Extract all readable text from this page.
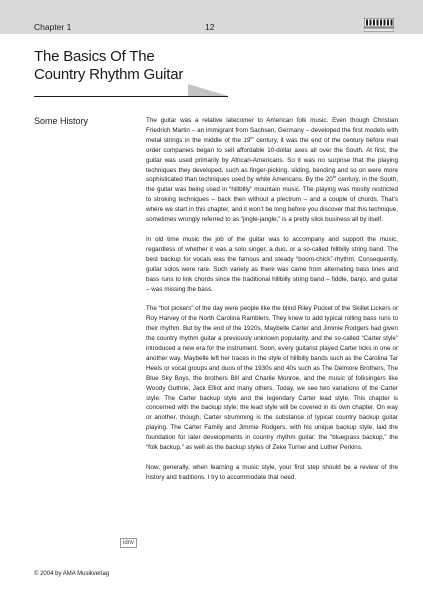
Chapter 1	12
The Basics Of The
Country Rhythm Guitar
Some History	The guitar was a relative latecomer to American folk music. Even though Christian Friedrich Martin – an immigrant from Sachsen, Germany – developed the first models with metal strings in the middle of the 19th century, it was the end of the century before mail order companies began to sell affordable 10-dollar axes all over the South. At first, the guitar was used primarily by African-Americans. So it was no surprise that the playing techniques they developed, such as finger-picking, sliding, bending and so on were more sophisticated than techniques used by white Americans. By the 20th century, in the South, the guitar was being used in “hillbilly” mountain music. The playing was mostly restricted to stroking techniques – back then without a plectrum – and a couple of chords. That’s where we start in this chapter, and it won’t be long before you discover that this technique, sometimes wrongly referred to as “jingle-jangle,” is a pretty slick business all by itself.

In old time music the job of the guitar was to accompany and support the music, regardless of whether it was a solo singer, a duo, or a so-called hillbilly string band. The best backup for vocals was the famous and steady “boom-chick”-rhythm. Consequently, guitar solos were rare. Such variety as there was came from alternating bass lines and bass runs to link chords since the traditional hillbilly string band – fiddle, banjo, and guitar – was missing the bass.

The “hot pickers” of the day were people like the blind Riley Pucket of the Skillet Lickers or Roy Harvey of the North Carolina Ramblers. They knew to add typical rolling bass runs to their rhythm. But by the end of the 1920s, Maybelle Carter and Jimmie Rodgers had given the country rhythm guitar a previously unknown popularity, and the so-called “Carter style” introduced a new era for the instrument. Soon, every guitarist played Carter licks in one or another way. Maybelle left her traces in the style of hillbilly bands such as the Carolina Tar Heels or vocal groups and duos of the 1930s and 40s such as The Delmore Brothers, The Blue Sky Boys, the brothers Bill and Charlie Monroe, and the music of folksingers like Woody Guthrie, Jack Elliot and many others. Today, we see two variations of the Carter style: The Carter backup style and the legendary Carter lead style. This chapter is concerned with the backup style; the lead style will be covered in its own chapter. On way or another, though, Carter strumming is the substance of typical country backup guitar playing. The Carter Family and Jimmie Rodgers, with his unique backup style, laid the foundation for later developments in country rhythm guitar: the “bluegrass backup,” the “folk backup,” as well as the backup styles of Zeke Turner and Luther Perkins.

Now, generally, when learning a music style, your first step should be a review of the history and traditions. I try to accommodate that need.

idnv
© 2004 by AMA Musikverlag
